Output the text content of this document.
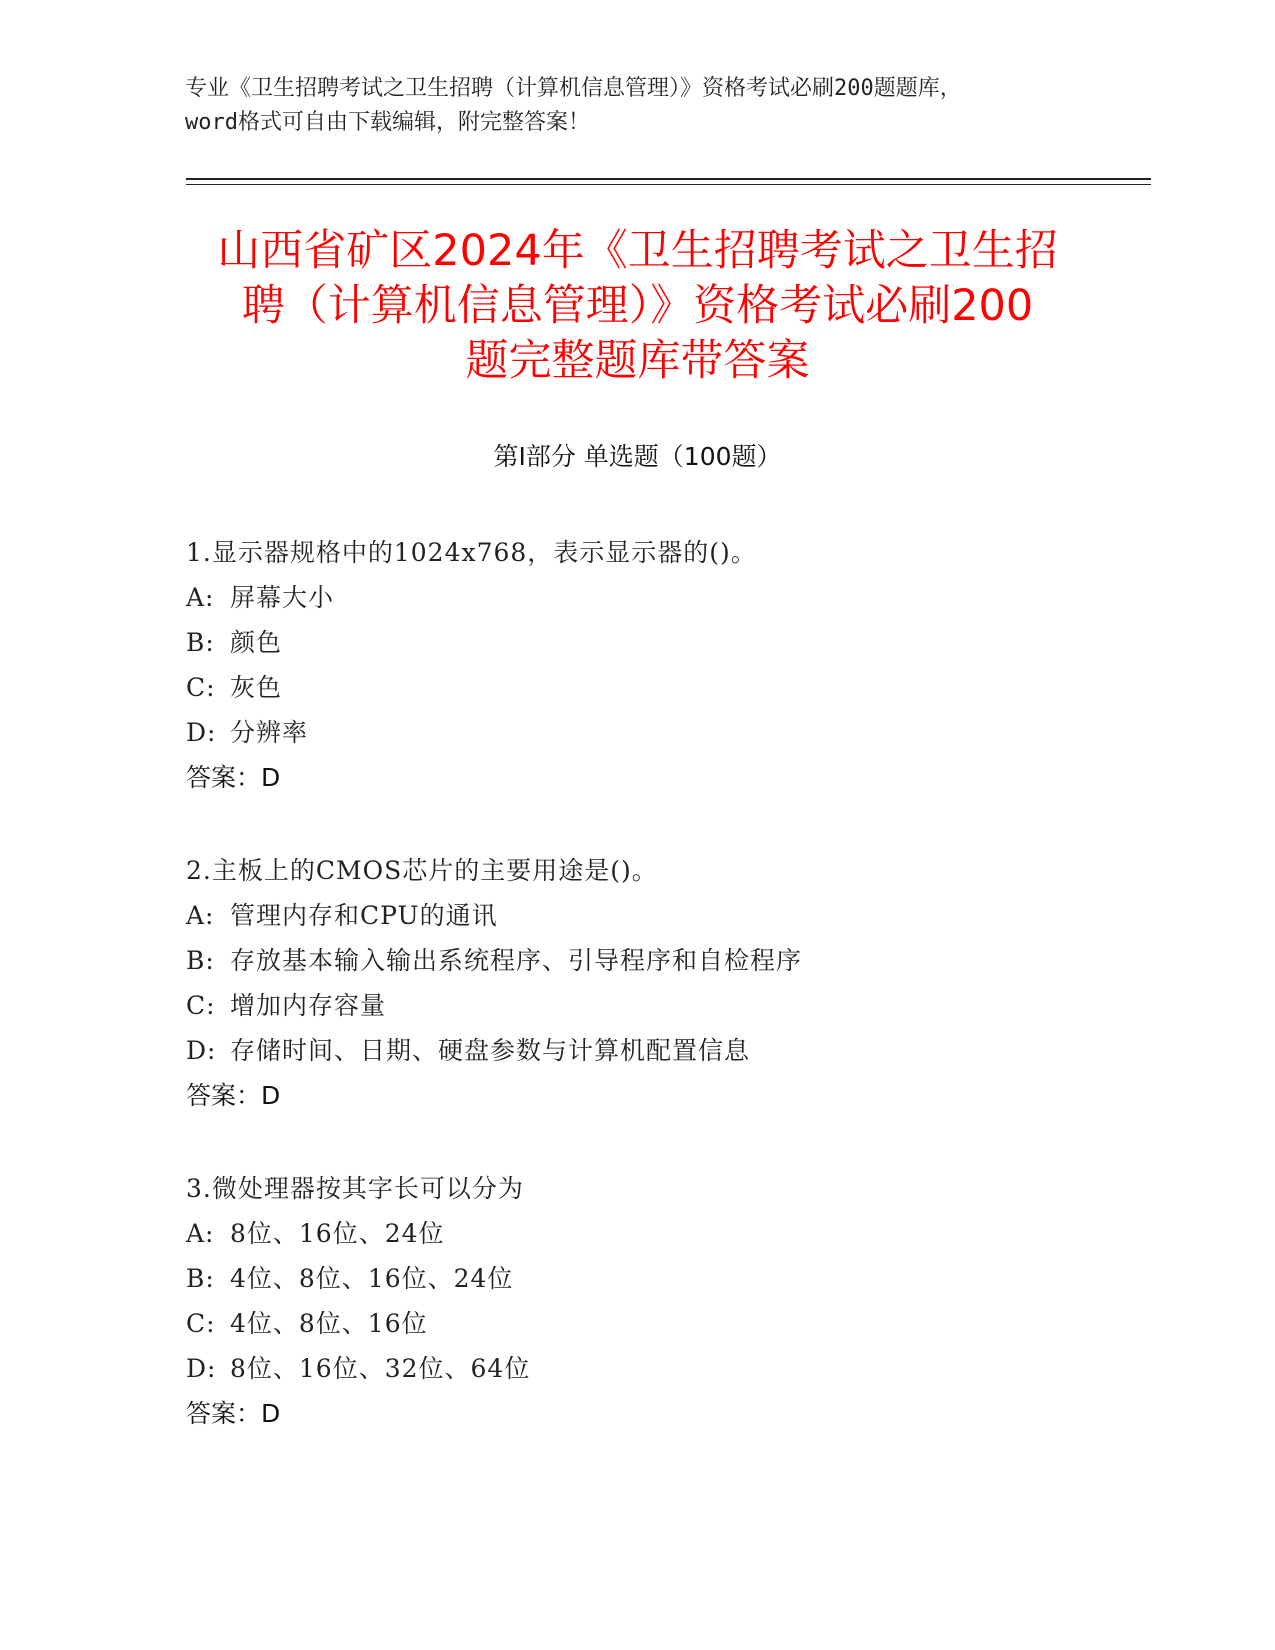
专业《卫生招聘考试之卫生招聘（计算机信息管理）》资格考试必刷200题题库，
word格式可自由下载编辑，附完整答案！
山西省矿区2024年《卫生招聘考试之卫生招
聘（计算机信息管理）》资格考试必刷200
题完整题库带答案
第I部分 单选题（100题）
1.显示器规格中的1024x768，表示显示器的()。
A: 屏幕大小
B: 颜色
C: 灰色
D: 分辨率
答案：D
2.主板上的CMOS芯片的主要用途是()。
A: 管理内存和CPU的通讯
B: 存放基本输入输出系统程序、引导程序和自检程序
C: 增加内存容量
D: 存储时间、日期、硬盘参数与计算机配置信息
答案：D
3.微处理器按其字长可以分为
A: 8位、16位、24位
B: 4位、8位、16位、24位
C: 4位、8位、16位
D: 8位、16位、32位、64位
答案：D
